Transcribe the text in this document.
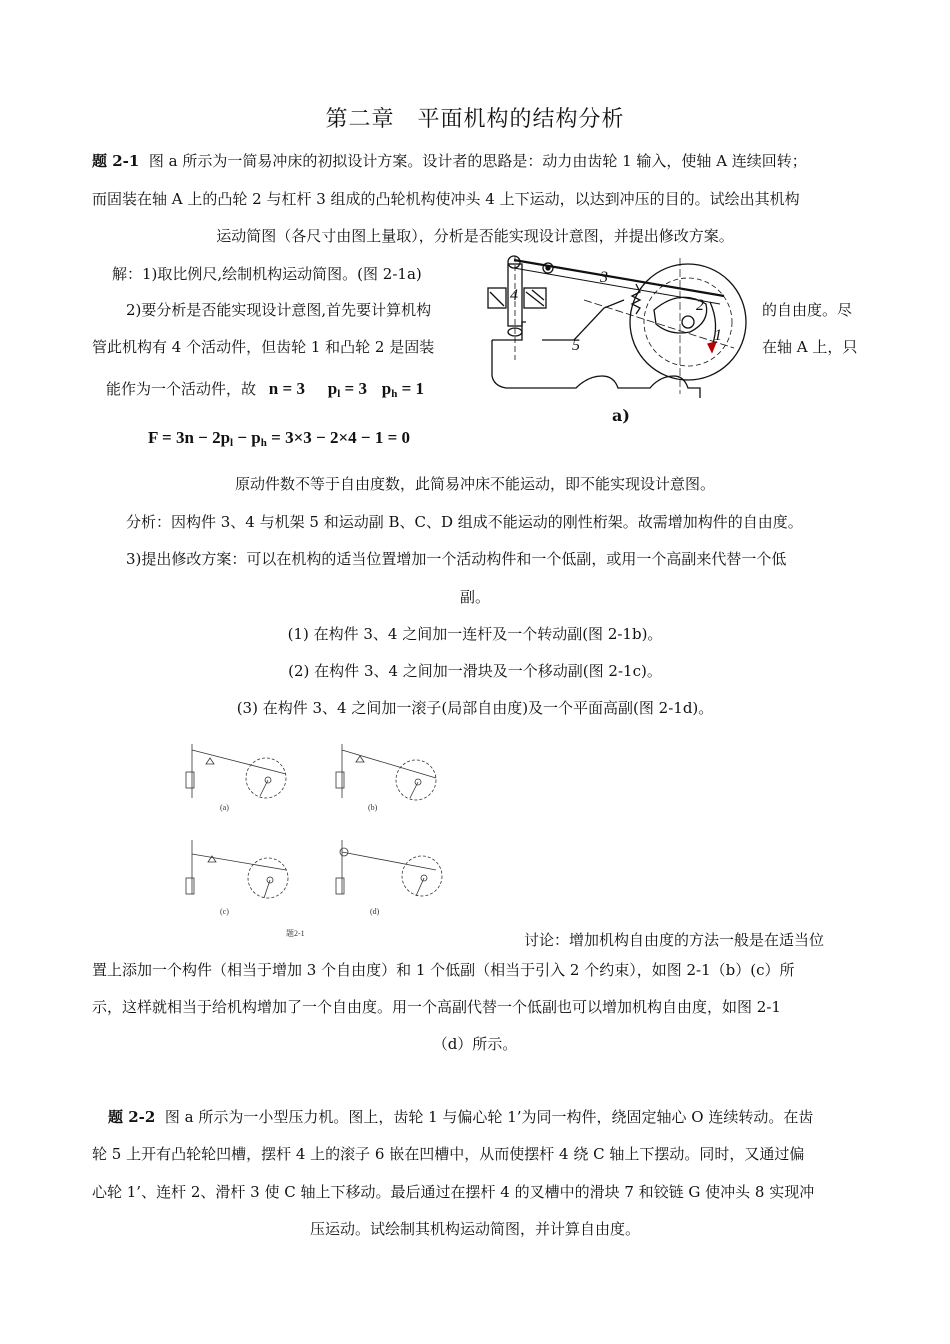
第二章　平面机构的结构分析
题 2-1 图 a 所示为一简易冲床的初拟设计方案。设计者的思路是：动力由齿轮 1 输入，使轴 A 连续回转；
而固装在轴 A 上的凸轮 2 与杠杆 3 组成的凸轮机构使冲头 4 上下运动，以达到冲压的目的。试绘出其机构
运动简图（各尺寸由图上量取），分析是否能实现设计意图，并提出修改方案。
解：1)取比例尺,绘制机构运动简图。(图 2-1a)
2)要分析是否能实现设计意图,首先要计算机构	的自由度。尽
管此机构有 4 个活动件，但齿轮 1 和凸轮 2 是固装	在轴 A 上，只
能作为一个活动件，故 n = 3 $p_l = 3$ $p_h = 1$
$F = 3n - 2p_l - p_h = 3\times 3 - 2\times 4 - 1 = 0$
4
3
2
1
5
a)
原动件数不等于自由度数，此简易冲床不能运动，即不能实现设计意图。
分析：因构件 3、4 与机架 5 和运动副 B、C、D 组成不能运动的刚性桁架。故需增加构件的自由度。
3)提出修改方案：可以在机构的适当位置增加一个活动构件和一个低副，或用一个高副来代替一个低
副。
(1) 在构件 3、4 之间加一连杆及一个转动副(图 2-1b)。
(2) 在构件 3、4 之间加一滑块及一个移动副(图 2-1c)。
(3) 在构件 3、4 之间加一滚子(局部自由度)及一个平面高副(图 2-1d)。
(a)	(b)
(c)	(d)
题2-1	讨论：增加机构自由度的方法一般是在适当位
置上添加一个构件（相当于增加 3 个自由度）和 1 个低副（相当于引入 2 个约束），如图 2-1（b）(c）所
示，这样就相当于给机构增加了一个自由度。用一个高副代替一个低副也可以增加机构自由度，如图 2-1
（d）所示。
题 2-2 图 a 所示为一小型压力机。图上，齿轮 1 与偏心轮 1’为同一构件，绕固定轴心 O 连续转动。在齿
轮 5 上开有凸轮轮凹槽，摆杆 4 上的滚子 6 嵌在凹槽中，从而使摆杆 4 绕 C 轴上下摆动。同时，又通过偏
心轮 1’、连杆 2、滑杆 3 使 C 轴上下移动。最后通过在摆杆 4 的叉槽中的滑块 7 和铰链 G 使冲头 8 实现冲
压运动。试绘制其机构运动简图，并计算自由度。
